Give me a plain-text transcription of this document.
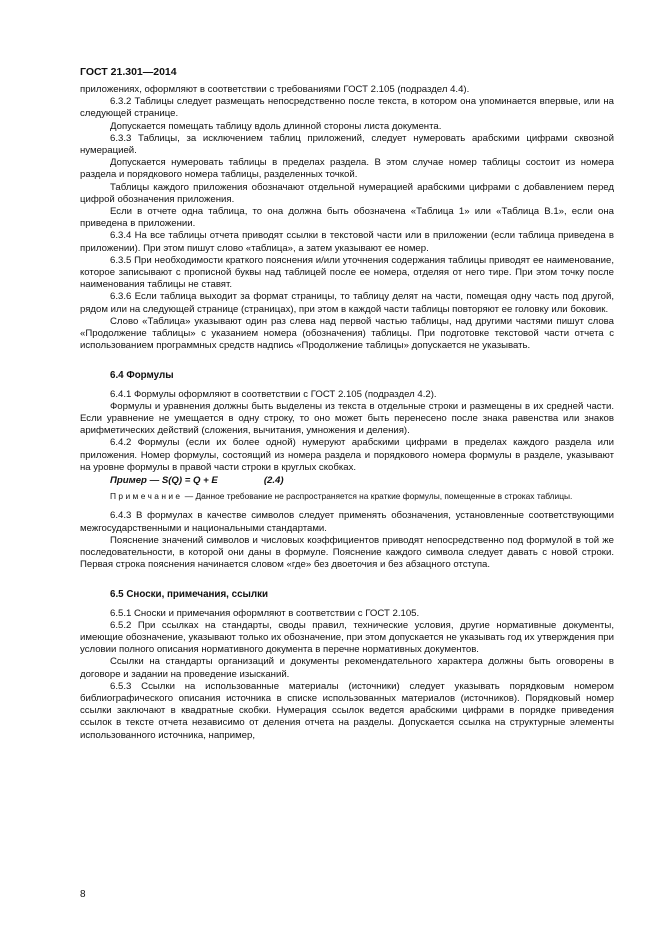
ГОСТ 21.301—2014

приложениях, оформляют в соответствии с требованиями ГОСТ 2.105 (подраздел 4.4).

6.3.2 Таблицы следует размещать непосредственно после текста, в котором она упоминается впервые, или на следующей странице.

Допускается помещать таблицу вдоль длинной стороны листа документа.

6.3.3 Таблицы, за исключением таблиц приложений, следует нумеровать арабскими цифрами сквозной нумерацией.

Допускается нумеровать таблицы в пределах раздела. В этом случае номер таблицы состоит из номера раздела и порядкового номера таблицы, разделенных точкой.

Таблицы каждого приложения обозначают отдельной нумерацией арабскими цифрами с добавлением перед цифрой обозначения приложения.

Если в отчете одна таблица, то она должна быть обозначена «Таблица 1» или «Таблица В.1», если она приведена в приложении.

6.3.4 На все таблицы отчета приводят ссылки в текстовой части или в приложении (если таблица приведена в приложении). При этом пишут слово «таблица», а затем указывают ее номер.

6.3.5 При необходимости краткого пояснения и/или уточнения содержания таблицы приводят ее наименование, которое записывают с прописной буквы над таблицей после ее номера, отделяя от него тире. При этом точку после наименования таблицы не ставят.

6.3.6 Если таблица выходит за формат страницы, то таблицу делят на части, помещая одну часть под другой, рядом или на следующей странице (страницах), при этом в каждой части таблицы повторяют ее головку или боковик.

Слово «Таблица» указывают один раз слева над первой частью таблицы, над другими частями пишут слова «Продолжение таблицы» с указанием номера (обозначения) таблицы. При подготовке текстовой части отчета с использованием программных средств надпись «Продолжение таблицы» допускается не указывать.

6.4 Формулы

6.4.1 Формулы оформляют в соответствии с ГОСТ 2.105 (подраздел 4.2).

Формулы и уравнения должны быть выделены из текста в отдельные строки и размещены в их средней части. Если уравнение не умещается в одну строку, то оно может быть перенесено после знака равенства или знаков арифметических действий (сложения, вычитания, умножения и деления).

6.4.2 Формулы (если их более одной) нумеруют арабскими цифрами в пределах каждого раздела или приложения. Номер формулы, состоящий из номера раздела и порядкового номера формулы в разделе, указывают на уровне формулы в правой части строки в круглых скобках.

Пример — S(Q) = Q + E	(2.4)

Примечание — Данное требование не распространяется на краткие формулы, помещенные в строках таблицы.

6.4.3 В формулах в качестве символов следует применять обозначения, установленные соответствующими межгосударственными и национальными стандартами.

Пояснение значений символов и числовых коэффициентов приводят непосредственно под формулой в той же последовательности, в которой они даны в формуле. Пояснение каждого символа следует давать с новой строки. Первая строка пояснения начинается словом «где» без двоеточия и без абзацного отступа.

6.5 Сноски, примечания, ссылки

6.5.1 Сноски и примечания оформляют в соответствии с ГОСТ 2.105.

6.5.2 При ссылках на стандарты, своды правил, технические условия, другие нормативные документы, имеющие обозначение, указывают только их обозначение, при этом допускается не указывать год их утверждения при условии полного описания нормативного документа в перечне нормативных документов.

Ссылки на стандарты организаций и документы рекомендательного характера должны быть оговорены в договоре и задании на проведение изысканий.

6.5.3 Ссылки на использованные материалы (источники) следует указывать порядковым номером библиографического описания источника в списке использованных материалов (источников). Порядковый номер ссылки заключают в квадратные скобки. Нумерация ссылок ведется арабскими цифрами в порядке приведения ссылок в тексте отчета независимо от деления отчета на разделы. Допускается ссылка на структурные элементы использованного источника, например,

8
